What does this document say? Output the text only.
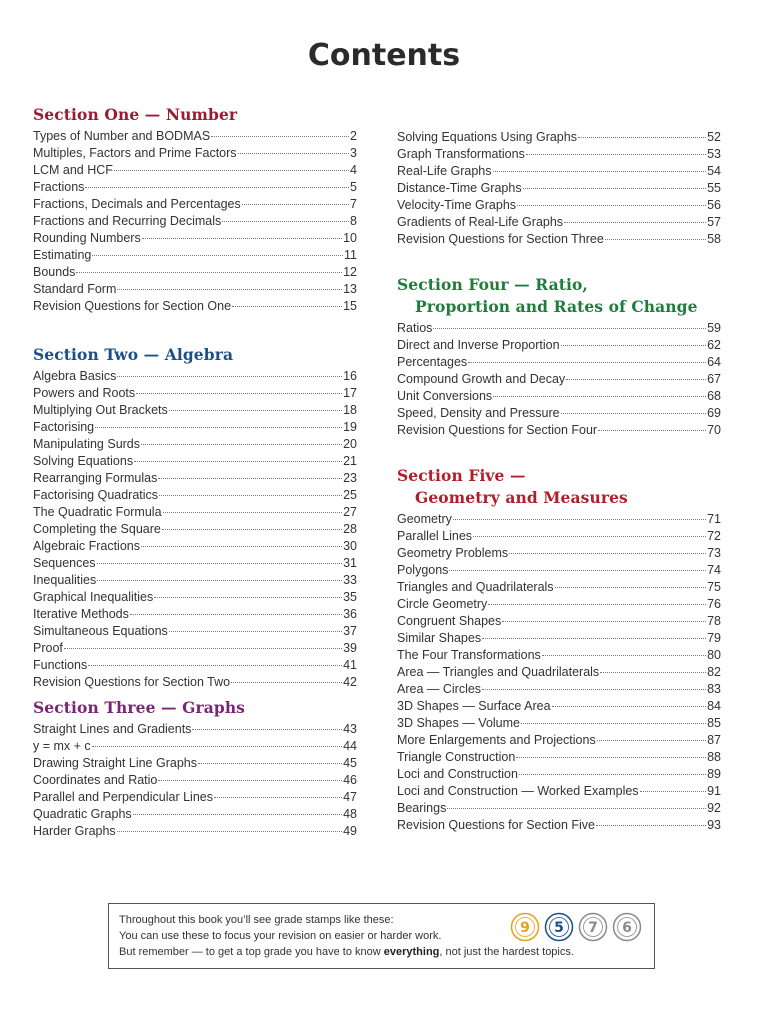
Contents
Section One — Number
Types of Number and BODMAS	2
Multiples, Factors and Prime Factors	3
LCM and HCF	4
Fractions	5
Fractions, Decimals and Percentages	7
Fractions and Recurring Decimals	8
Rounding Numbers	10
Estimating	11
Bounds	12
Standard Form	13
Revision Questions for Section One	15
Section Two — Algebra
Algebra Basics	16
Powers and Roots	17
Multiplying Out Brackets	18
Factorising	19
Manipulating Surds	20
Solving Equations	21
Rearranging Formulas	23
Factorising Quadratics	25
The Quadratic Formula	27
Completing the Square	28
Algebraic Fractions	30
Sequences	31
Inequalities	33
Graphical Inequalities	35
Iterative Methods	36
Simultaneous Equations	37
Proof	39
Functions	41
Revision Questions for Section Two	42
Section Three — Graphs
Straight Lines and Gradients	43
y = mx + c	44
Drawing Straight Line Graphs	45
Coordinates and Ratio	46
Parallel and Perpendicular Lines	47
Quadratic Graphs	48
Harder Graphs	49
Solving Equations Using Graphs	52
Graph Transformations	53
Real-Life Graphs	54
Distance-Time Graphs	55
Velocity-Time Graphs	56
Gradients of Real-Life Graphs	57
Revision Questions for Section Three	58
Section Four — Ratio,
Proportion and Rates of Change
Ratios	59
Direct and Inverse Proportion	62
Percentages	64
Compound Growth and Decay	67
Unit Conversions	68
Speed, Density and Pressure	69
Revision Questions for Section Four	70
Section Five —
Geometry and Measures
Geometry	71
Parallel Lines	72
Geometry Problems	73
Polygons	74
Triangles and Quadrilaterals	75
Circle Geometry	76
Congruent Shapes	78
Similar Shapes	79
The Four Transformations	80
Area — Triangles and Quadrilaterals	82
Area — Circles	83
3D Shapes — Surface Area	84
3D Shapes — Volume	85
More Enlargements and Projections	87
Triangle Construction	88
Loci and Construction	89
Loci and Construction — Worked Examples	91
Bearings	92
Revision Questions for Section Five	93
Throughout this book you’ll see grade stamps like these:
You can use these to focus your revision on easier or harder work.
But remember — to get a top grade you have to know everything, not just the hardest topics.
9 5 7 6
